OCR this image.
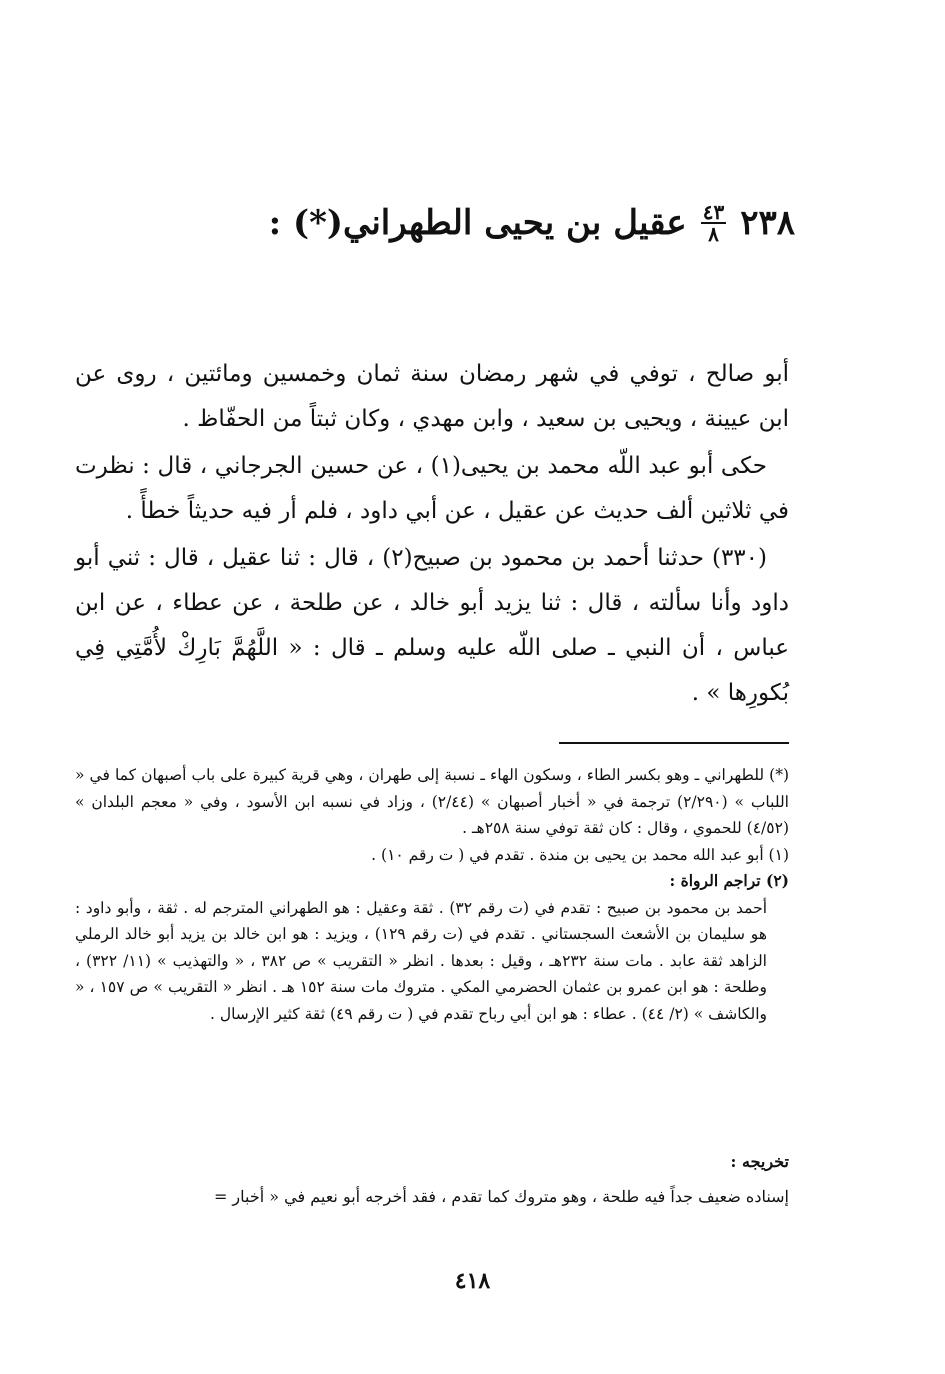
٢٣٨
$\frac{٤٣}{٨}$
عقيل بن يحيى الطهراني(*) :

أبو صالح ، توفي في شهر رمضان سنة ثمان وخمسين ومائتين ، روى عن ابن عيينة ، ويحيى بن سعيد ، وابن مهدي ، وكان ثبتاً من الحفّاظ .

حكى أبو عبد اللّه محمد بن يحيى(١) ، عن حسين الجرجاني ، قال : نظرت في ثلاثين ألف حديث عن عقيل ، عن أبي داود ، فلم أر فيه حديثاً خطأً .

(٣٣٠) حدثنا أحمد بن محمود بن صبيح(٢) ، قال : ثنا عقيل ، قال : ثني أبو داود وأنا سألته ، قال : ثنا يزيد أبو خالد ، عن طلحة ، عن عطاء ، عن ابن عباس ، أن النبي ـ صلى اللّه عليه وسلم ـ قال : « اللَّهُمَّ بَارِكْ لأُمَّتِي فِي بُكورِها » .

(*) للطهراني ـ وهو بكسر الطاء ، وسكون الهاء ـ نسبة إلى طهران ، وهي قرية كبيرة على باب أصبهان كما في « اللباب » (٢/٢٩٠) ترجمة في « أخبار أصبهان » (٢/٤٤) ، وزاد في نسبه ابن الأسود ، وفي « معجم البلدان » (٤/٥٢) للحموي ، وقال : كان ثقة توفي سنة ٢٥٨هـ .

(١) أبو عبد الله محمد بن يحيى بن مندة . تقدم في ( ت رقم ١٠) .

(٢) تراجم الرواة :

أحمد بن محمود بن صبيح : تقدم في (ت رقم ٣٢) . ثقة وعقيل : هو الطهراني المترجم له . ثقة ، وأبو داود : هو سليمان بن الأشعث السجستاني . تقدم في (ت رقم ١٢٩) ، ويزيد : هو ابن خالد بن يزيد أبو خالد الرملي الزاهد ثقة عابد . مات سنة ٢٣٢هـ ، وقيل : بعدها . انظر « التقريب » ص ٣٨٢ ، « والتهذيب » (١١/ ٣٢٢) ، وطلحة : هو ابن عمرو بن عثمان الحضرمي المكي . متروك مات سنة ١٥٢ هـ . انظر « التقريب » ص ١٥٧ ، « والكاشف » (٢/ ٤٤) . عطاء : هو ابن أبي رباح تقدم في ( ت رقم ٤٩) ثقة كثير الإرسال .

تخريجه :
إسناده ضعيف جداً فيه طلحة ، وهو متروك كما تقدم ، فقد أخرجه أبو نعيم في « أخبار =
٤١٨
